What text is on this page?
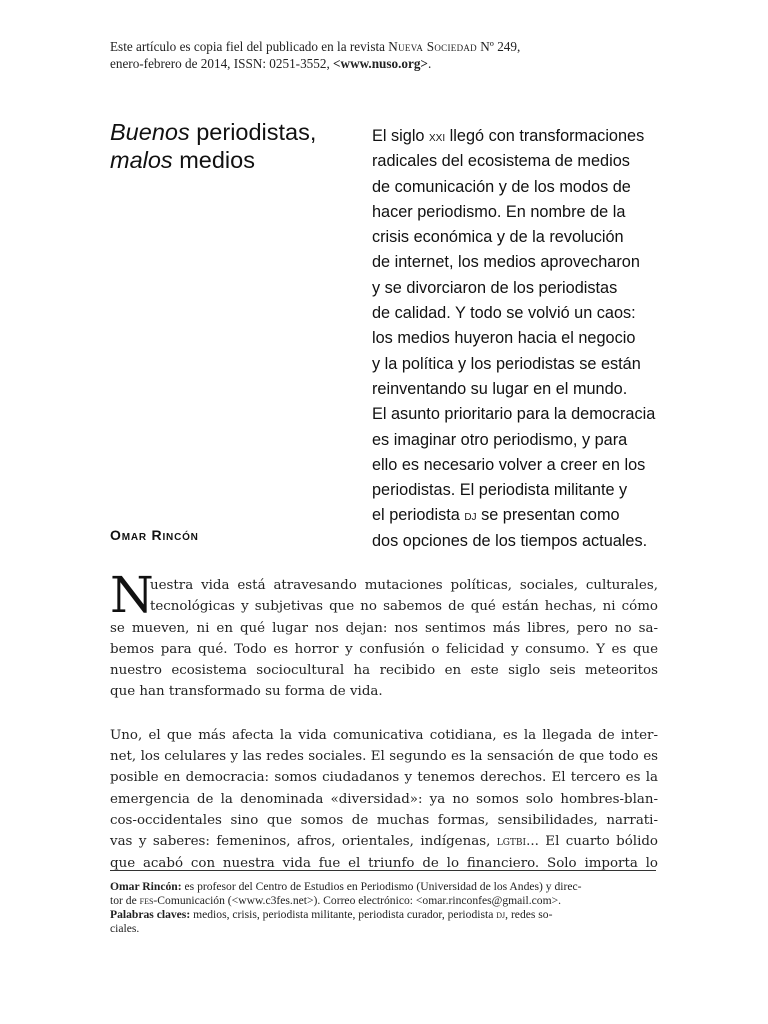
Este artículo es copia fiel del publicado en la revista Nueva Sociedad Nº 249,
enero-febrero de 2014, ISSN: 0251-3552, <www.nuso.org>.
Buenos periodistas,
malos medios
Omar Rincón
El siglo xxi llegó con transformaciones
radicales del ecosistema de medios
de comunicación y de los modos de
hacer periodismo. En nombre de la
crisis económica y de la revolución
de internet, los medios aprovecharon
y se divorciaron de los periodistas
de calidad. Y todo se volvió un caos:
los medios huyeron hacia el negocio
y la política y los periodistas se están
reinventando su lugar en el mundo.
El asunto prioritario para la democracia
es imaginar otro periodismo, y para
ello es necesario volver a creer en los
periodistas. El periodista militante y
el periodista dj se presentan como
dos opciones de los tiempos actuales.
N
uestra vida está atravesando mutaciones políticas, sociales, culturales,
tecnológicas y subjetivas que no sabemos de qué están hechas, ni cómo
se mueven, ni en qué lugar nos dejan: nos sentimos más libres, pero no sa-
bemos para qué. Todo es horror y confusión o felicidad y consumo. Y es que
nuestro ecosistema sociocultural ha recibido en este siglo seis meteoritos
que han transformado su forma de vida.
Uno, el que más afecta la vida comunicativa cotidiana, es la llegada de inter-
net, los celulares y las redes sociales. El segundo es la sensación de que todo es
posible en democracia: somos ciudadanos y tenemos derechos. El tercero es la
emergencia de la denominada «diversidad»: ya no somos solo hombres-blan-
cos-occidentales sino que somos de muchas formas, sensibilidades, narrati-
vas y saberes: femeninos, afros, orientales, indígenas, lgtbi... El cuarto bólido
que acabó con nuestra vida fue el triunfo de lo financiero. Solo importa lo
Omar Rincón: es profesor del Centro de Estudios en Periodismo (Universidad de los Andes) y direc-
tor de fes-Comunicación (<www.c3fes.net>). Correo electrónico: <omar.rinconfes@gmail.com>.
Palabras claves: medios, crisis, periodista militante, periodista curador, periodista dj, redes so-
ciales.
